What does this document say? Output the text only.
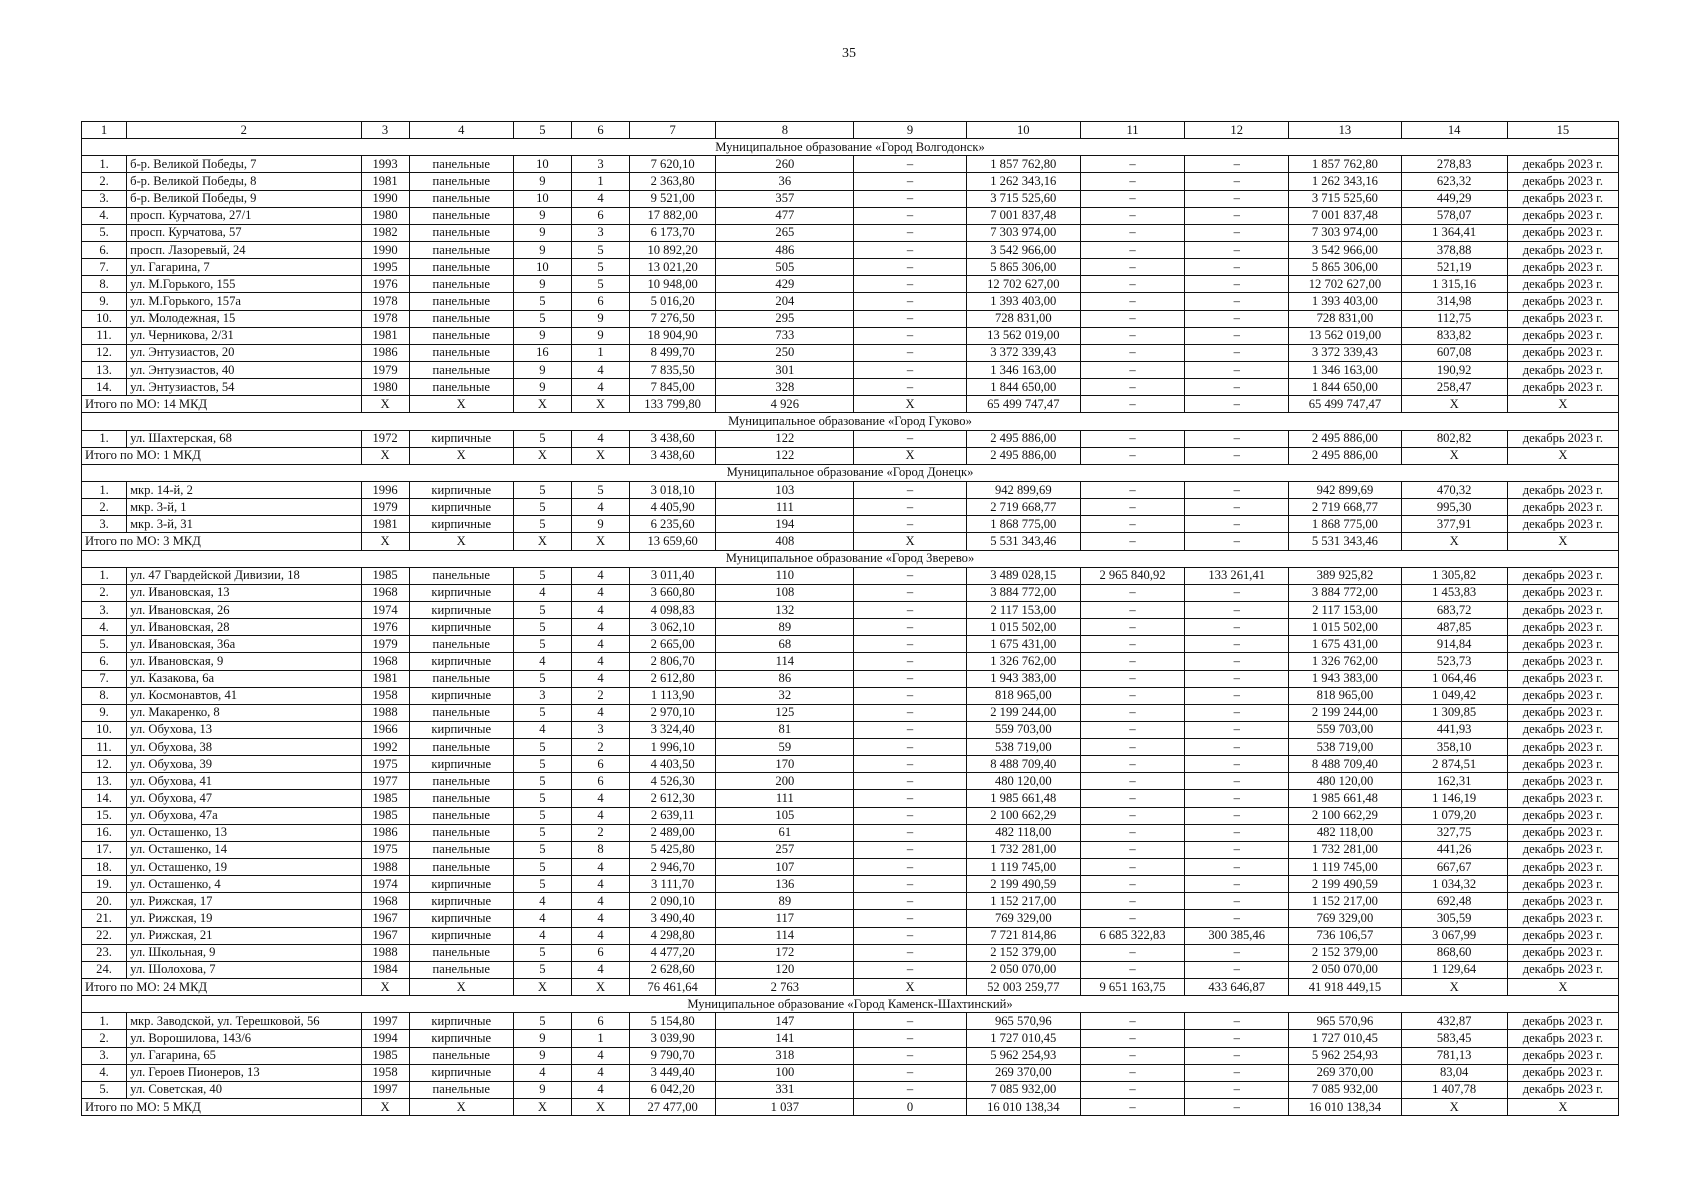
35
1	2	3	4	5	6	7	8	9	10	11	12	13	14	15
Муниципальное образование «Город Волгодонск»														
1.	б-р. Великой Победы, 7	1993	панельные	10	3	7 620,10	260	–	1 857 762,80	–	–	1 857 762,80	278,83	декабрь 2023 г.
2.	б-р. Великой Победы, 8	1981	панельные	9	1	2 363,80	36	–	1 262 343,16	–	–	1 262 343,16	623,32	декабрь 2023 г.
3.	б-р. Великой Победы, 9	1990	панельные	10	4	9 521,00	357	–	3 715 525,60	–	–	3 715 525,60	449,29	декабрь 2023 г.
4.	просп. Курчатова, 27/1	1980	панельные	9	6	17 882,00	477	–	7 001 837,48	–	–	7 001 837,48	578,07	декабрь 2023 г.
5.	просп. Курчатова, 57	1982	панельные	9	3	6 173,70	265	–	7 303 974,00	–	–	7 303 974,00	1 364,41	декабрь 2023 г.
6.	просп. Лазоревый, 24	1990	панельные	9	5	10 892,20	486	–	3 542 966,00	–	–	3 542 966,00	378,88	декабрь 2023 г.
7.	ул. Гагарина, 7	1995	панельные	10	5	13 021,20	505	–	5 865 306,00	–	–	5 865 306,00	521,19	декабрь 2023 г.
8.	ул. М.Горького, 155	1976	панельные	9	5	10 948,00	429	–	12 702 627,00	–	–	12 702 627,00	1 315,16	декабрь 2023 г.
9.	ул. М.Горького, 157а	1978	панельные	5	6	5 016,20	204	–	1 393 403,00	–	–	1 393 403,00	314,98	декабрь 2023 г.
10.	ул. Молодежная, 15	1978	панельные	5	9	7 276,50	295	–	728 831,00	–	–	728 831,00	112,75	декабрь 2023 г.
11.	ул. Черникова, 2/31	1981	панельные	9	9	18 904,90	733	–	13 562 019,00	–	–	13 562 019,00	833,82	декабрь 2023 г.
12.	ул. Энтузиастов, 20	1986	панельные	16	1	8 499,70	250	–	3 372 339,43	–	–	3 372 339,43	607,08	декабрь 2023 г.
13.	ул. Энтузиастов, 40	1979	панельные	9	4	7 835,50	301	–	1 346 163,00	–	–	1 346 163,00	190,92	декабрь 2023 г.
14.	ул. Энтузиастов, 54	1980	панельные	9	4	7 845,00	328	–	1 844 650,00	–	–	1 844 650,00	258,47	декабрь 2023 г.
Итого по МО: 14 МКД		X	X	X	X	133 799,80	4 926	X	65 499 747,47	–	–	65 499 747,47	X	X
Муниципальное образование «Город Гуково»														
1.	ул. Шахтерская, 68	1972	кирпичные	5	4	3 438,60	122	–	2 495 886,00	–	–	2 495 886,00	802,82	декабрь 2023 г.
Итого по МО: 1 МКД		X	X	X	X	3 438,60	122	X	2 495 886,00	–	–	2 495 886,00	X	X
Муниципальное образование «Город Донецк»														
1.	мкр. 14-й, 2	1996	кирпичные	5	5	3 018,10	103	–	942 899,69	–	–	942 899,69	470,32	декабрь 2023 г.
2.	мкр. 3-й, 1	1979	кирпичные	5	4	4 405,90	111	–	2 719 668,77	–	–	2 719 668,77	995,30	декабрь 2023 г.
3.	мкр. 3-й, 31	1981	кирпичные	5	9	6 235,60	194	–	1 868 775,00	–	–	1 868 775,00	377,91	декабрь 2023 г.
Итого по МО: 3 МКД		X	X	X	X	13 659,60	408	X	5 531 343,46	–	–	5 531 343,46	X	X
Муниципальное образование «Город Зверево»														
1.	ул. 47 Гвардейской Дивизии, 18	1985	панельные	5	4	3 011,40	110	–	3 489 028,15	2 965 840,92	133 261,41	389 925,82	1 305,82	декабрь 2023 г.
2.	ул. Ивановская, 13	1968	кирпичные	4	4	3 660,80	108	–	3 884 772,00	–	–	3 884 772,00	1 453,83	декабрь 2023 г.
3.	ул. Ивановская, 26	1974	кирпичные	5	4	4 098,83	132	–	2 117 153,00	–	–	2 117 153,00	683,72	декабрь 2023 г.
4.	ул. Ивановская, 28	1976	кирпичные	5	4	3 062,10	89	–	1 015 502,00	–	–	1 015 502,00	487,85	декабрь 2023 г.
5.	ул. Ивановская, 36а	1979	панельные	5	4	2 665,00	68	–	1 675 431,00	–	–	1 675 431,00	914,84	декабрь 2023 г.
6.	ул. Ивановская, 9	1968	кирпичные	4	4	2 806,70	114	–	1 326 762,00	–	–	1 326 762,00	523,73	декабрь 2023 г.
7.	ул. Казакова, 6а	1981	панельные	5	4	2 612,80	86	–	1 943 383,00	–	–	1 943 383,00	1 064,46	декабрь 2023 г.
8.	ул. Космонавтов, 41	1958	кирпичные	3	2	1 113,90	32	–	818 965,00	–	–	818 965,00	1 049,42	декабрь 2023 г.
9.	ул. Макаренко, 8	1988	панельные	5	4	2 970,10	125	–	2 199 244,00	–	–	2 199 244,00	1 309,85	декабрь 2023 г.
10.	ул. Обухова, 13	1966	кирпичные	4	3	3 324,40	81	–	559 703,00	–	–	559 703,00	441,93	декабрь 2023 г.
11.	ул. Обухова, 38	1992	панельные	5	2	1 996,10	59	–	538 719,00	–	–	538 719,00	358,10	декабрь 2023 г.
12.	ул. Обухова, 39	1975	кирпичные	5	6	4 403,50	170	–	8 488 709,40	–	–	8 488 709,40	2 874,51	декабрь 2023 г.
13.	ул. Обухова, 41	1977	панельные	5	6	4 526,30	200	–	480 120,00	–	–	480 120,00	162,31	декабрь 2023 г.
14.	ул. Обухова, 47	1985	панельные	5	4	2 612,30	111	–	1 985 661,48	–	–	1 985 661,48	1 146,19	декабрь 2023 г.
15.	ул. Обухова, 47а	1985	панельные	5	4	2 639,11	105	–	2 100 662,29	–	–	2 100 662,29	1 079,20	декабрь 2023 г.
16.	ул. Осташенко, 13	1986	панельные	5	2	2 489,00	61	–	482 118,00	–	–	482 118,00	327,75	декабрь 2023 г.
17.	ул. Осташенко, 14	1975	панельные	5	8	5 425,80	257	–	1 732 281,00	–	–	1 732 281,00	441,26	декабрь 2023 г.
18.	ул. Осташенко, 19	1988	панельные	5	4	2 946,70	107	–	1 119 745,00	–	–	1 119 745,00	667,67	декабрь 2023 г.
19.	ул. Осташенко, 4	1974	кирпичные	5	4	3 111,70	136	–	2 199 490,59	–	–	2 199 490,59	1 034,32	декабрь 2023 г.
20.	ул. Рижская, 17	1968	кирпичные	4	4	2 090,10	89	–	1 152 217,00	–	–	1 152 217,00	692,48	декабрь 2023 г.
21.	ул. Рижская, 19	1967	кирпичные	4	4	3 490,40	117	–	769 329,00	–	–	769 329,00	305,59	декабрь 2023 г.
22.	ул. Рижская, 21	1967	кирпичные	4	4	4 298,80	114	–	7 721 814,86	6 685 322,83	300 385,46	736 106,57	3 067,99	декабрь 2023 г.
23.	ул. Школьная, 9	1988	панельные	5	6	4 477,20	172	–	2 152 379,00	–	–	2 152 379,00	868,60	декабрь 2023 г.
24.	ул. Шолохова, 7	1984	панельные	5	4	2 628,60	120	–	2 050 070,00	–	–	2 050 070,00	1 129,64	декабрь 2023 г.
Итого по МО: 24 МКД		X	X	X	X	76 461,64	2 763	X	52 003 259,77	9 651 163,75	433 646,87	41 918 449,15	X	X
Муниципальное образование «Город Каменск-Шахтинский»														
1.	мкр. Заводской, ул. Терешковой, 56	1997	кирпичные	5	6	5 154,80	147	–	965 570,96	–	–	965 570,96	432,87	декабрь 2023 г.
2.	ул. Ворошилова, 143/6	1994	кирпичные	9	1	3 039,90	141	–	1 727 010,45	–	–	1 727 010,45	583,45	декабрь 2023 г.
3.	ул. Гагарина, 65	1985	панельные	9	4	9 790,70	318	–	5 962 254,93	–	–	5 962 254,93	781,13	декабрь 2023 г.
4.	ул. Героев Пионеров, 13	1958	кирпичные	4	4	3 449,40	100	–	269 370,00	–	–	269 370,00	83,04	декабрь 2023 г.
5.	ул. Советская, 40	1997	панельные	9	4	6 042,20	331	–	7 085 932,00	–	–	7 085 932,00	1 407,78	декабрь 2023 г.
Итого по МО: 5 МКД		X	X	X	X	27 477,00	1 037	0	16 010 138,34	–	–	16 010 138,34	X	X
